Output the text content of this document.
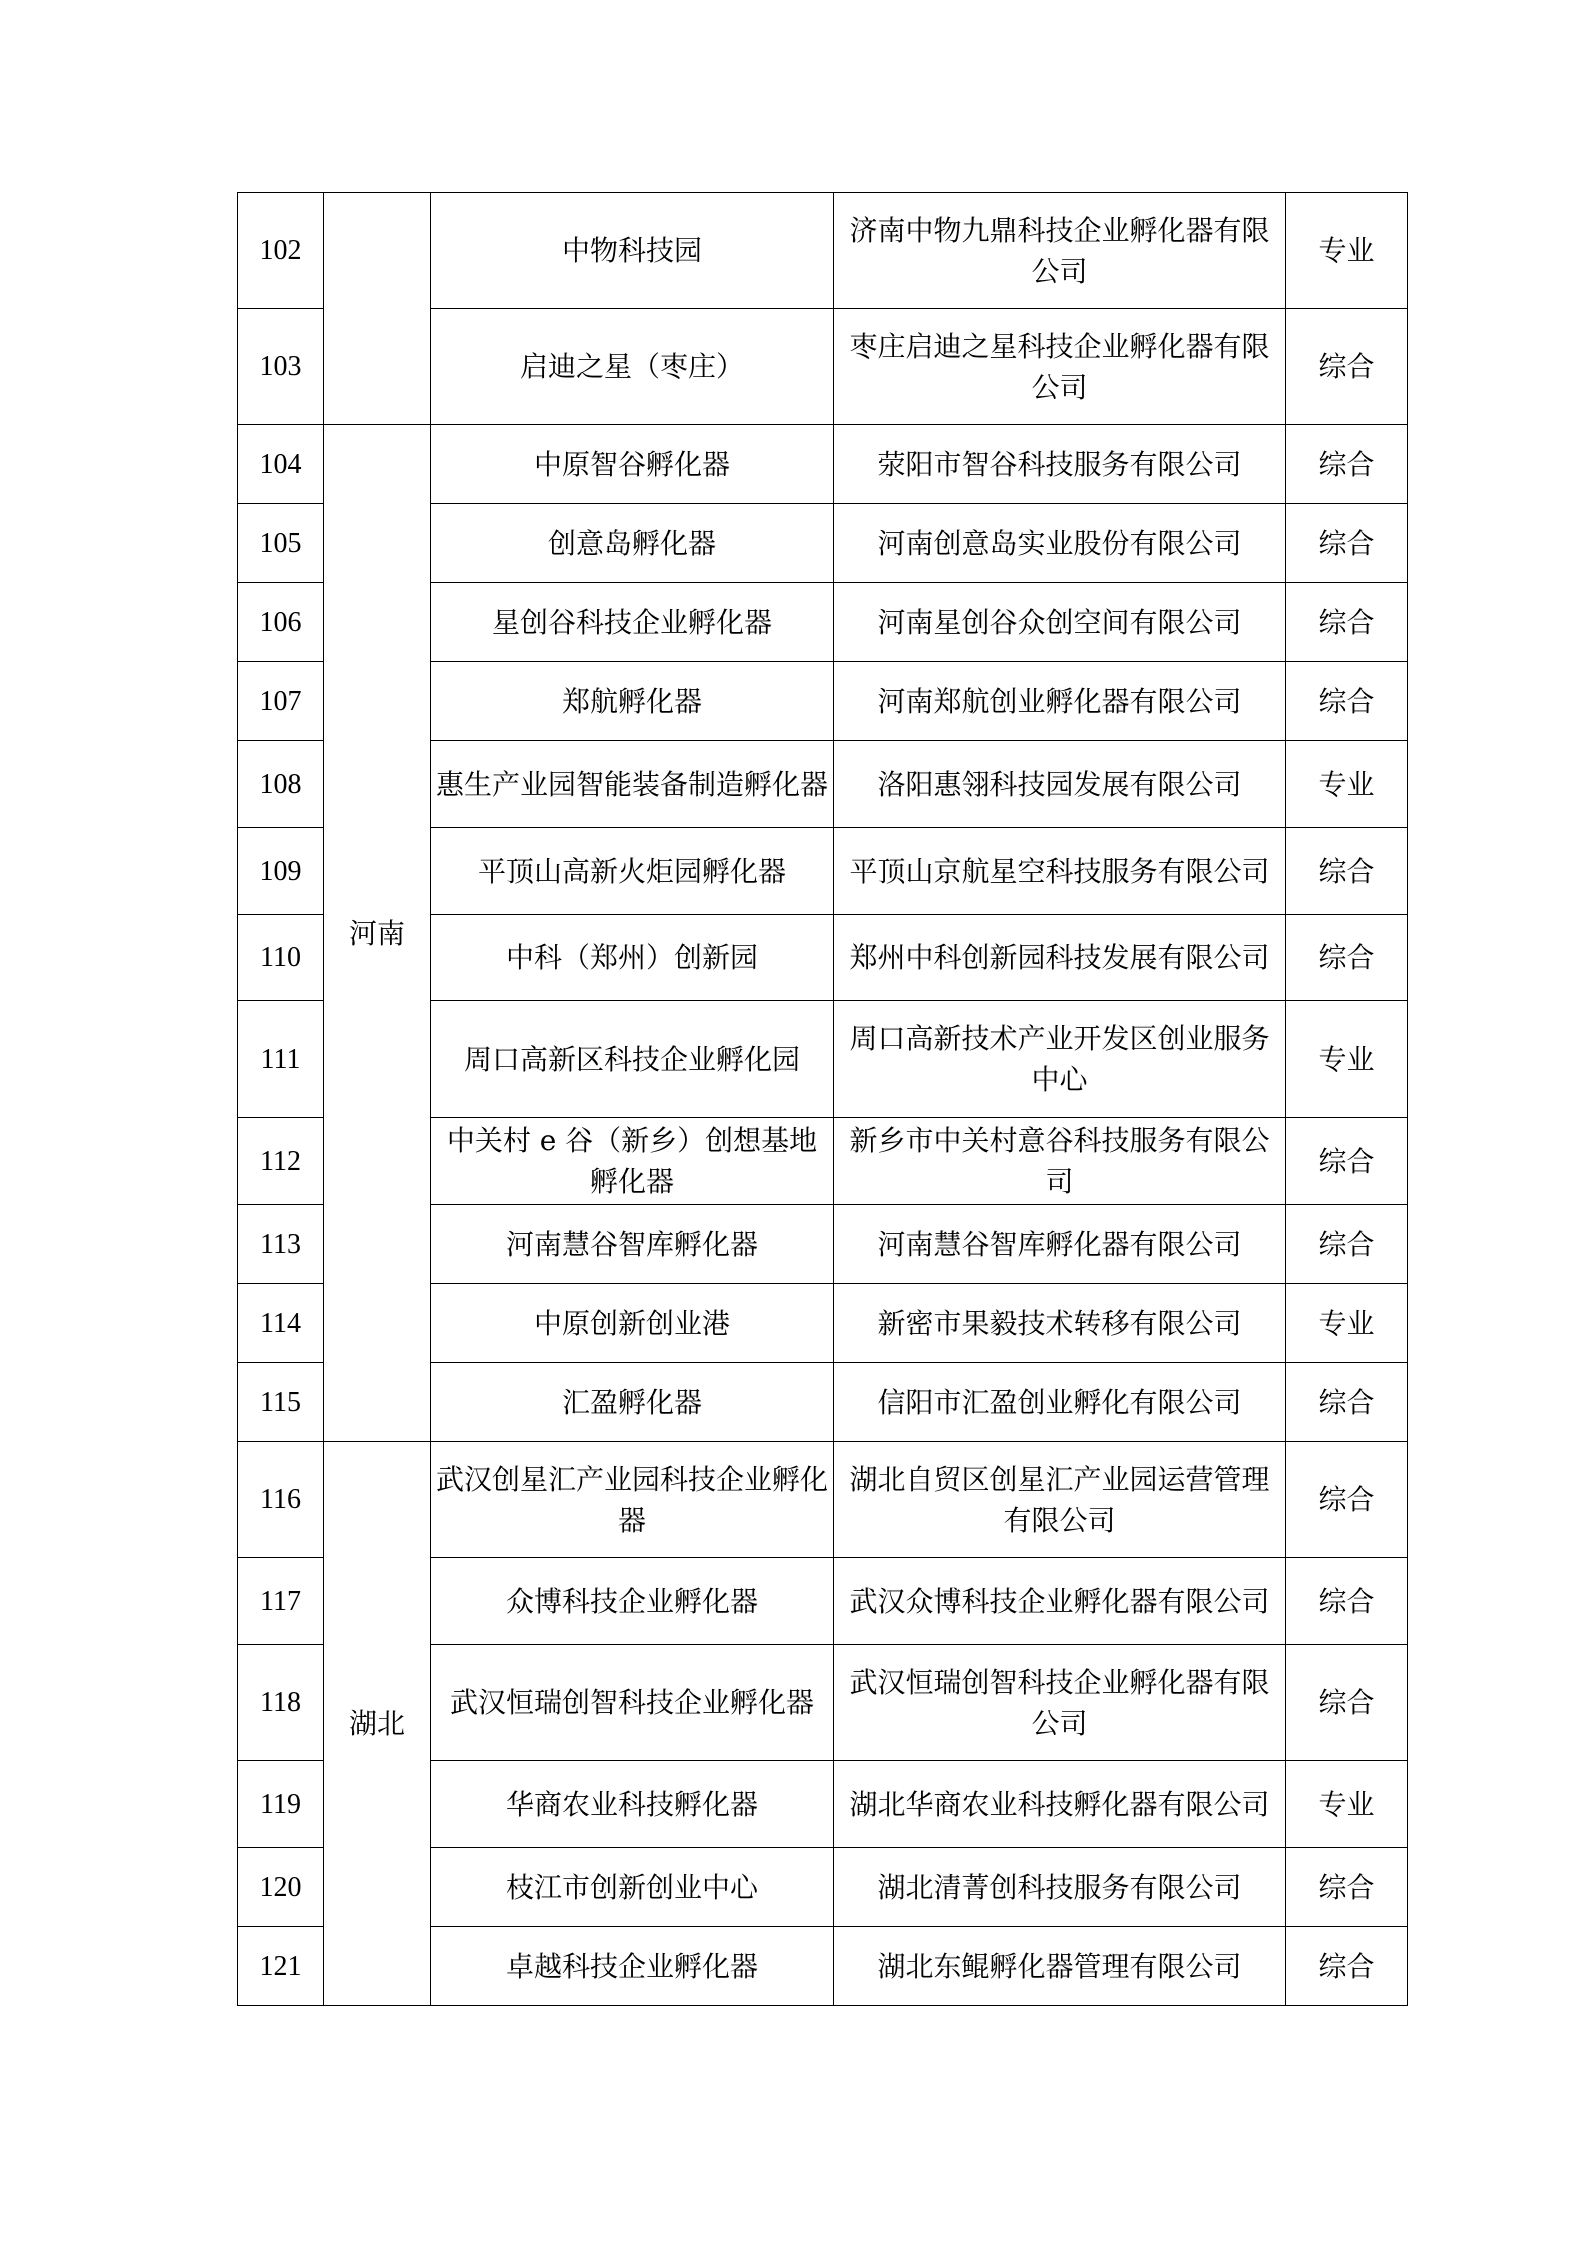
102		中物科技园	济南中物九鼎科技企业孵化器有限公司	专业
103		启迪之星（枣庄）	枣庄启迪之星科技企业孵化器有限公司	综合
104	河南	中原智谷孵化器	荥阳市智谷科技服务有限公司	综合
105		创意岛孵化器	河南创意岛实业股份有限公司	综合
106		星创谷科技企业孵化器	河南星创谷众创空间有限公司	综合
107		郑航孵化器	河南郑航创业孵化器有限公司	综合
108		惠生产业园智能装备制造孵化器	洛阳惠翎科技园发展有限公司	专业
109		平顶山高新火炬园孵化器	平顶山京航星空科技服务有限公司	综合
110		中科（郑州）创新园	郑州中科创新园科技发展有限公司	综合
111		周口高新区科技企业孵化园	周口高新技术产业开发区创业服务中心	专业
112		中关村 e 谷（新乡）创想基地孵化器	新乡市中关村意谷科技服务有限公司	综合
113		河南慧谷智库孵化器	河南慧谷智库孵化器有限公司	综合
114		中原创新创业港	新密市果毅技术转移有限公司	专业
115		汇盈孵化器	信阳市汇盈创业孵化有限公司	综合
116	湖北	武汉创星汇产业园科技企业孵化器	湖北自贸区创星汇产业园运营管理有限公司	综合
117		众博科技企业孵化器	武汉众博科技企业孵化器有限公司	综合
118		武汉恒瑞创智科技企业孵化器	武汉恒瑞创智科技企业孵化器有限公司	综合
119		华商农业科技孵化器	湖北华商农业科技孵化器有限公司	专业
120		枝江市创新创业中心	湖北清菁创科技服务有限公司	综合
121		卓越科技企业孵化器	湖北东鲲孵化器管理有限公司	综合
